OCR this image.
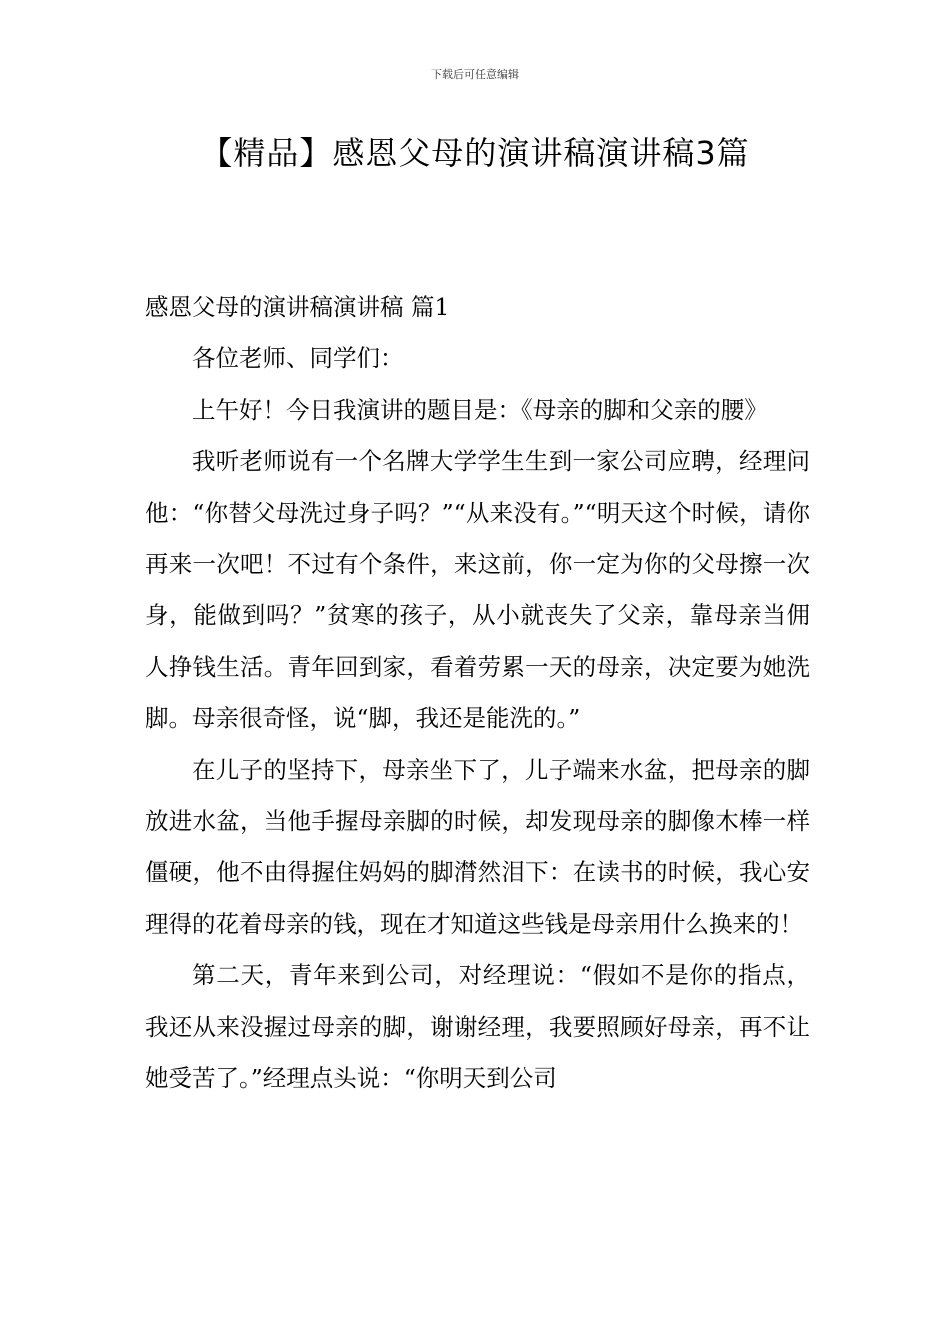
下载后可任意编辑
【精品】感恩父母的演讲稿演讲稿3篇

感恩父母的演讲稿演讲稿 篇1

各位老师、同学们：

上午好！今日我演讲的题目是：《母亲的脚和父亲的腰》

我听老师说有一个名牌大学学生生到一家公司应聘，经理问他：“你替父母洗过身子吗？”“从来没有。”“明天这个时候，请你再来一次吧！不过有个条件，来这前，你一定为你的父母擦一次身，能做到吗？”贫寒的孩子，从小就丧失了父亲，靠母亲当佣人挣钱生活。青年回到家，看着劳累一天的母亲，决定要为她洗脚。母亲很奇怪，说“脚，我还是能洗的。”

在儿子的坚持下，母亲坐下了，儿子端来水盆，把母亲的脚放进水盆，当他手握母亲脚的时候，却发现母亲的脚像木棒一样僵硬，他不由得握住妈妈的脚潸然泪下：在读书的时候，我心安理得的花着母亲的钱，现在才知道这些钱是母亲用什么换来的！

第二天，青年来到公司，对经理说：“假如不是你的指点，我还从来没握过母亲的脚，谢谢经理，我要照顾好母亲，再不让她受苦了。”经理点头说：“你明天到公司
